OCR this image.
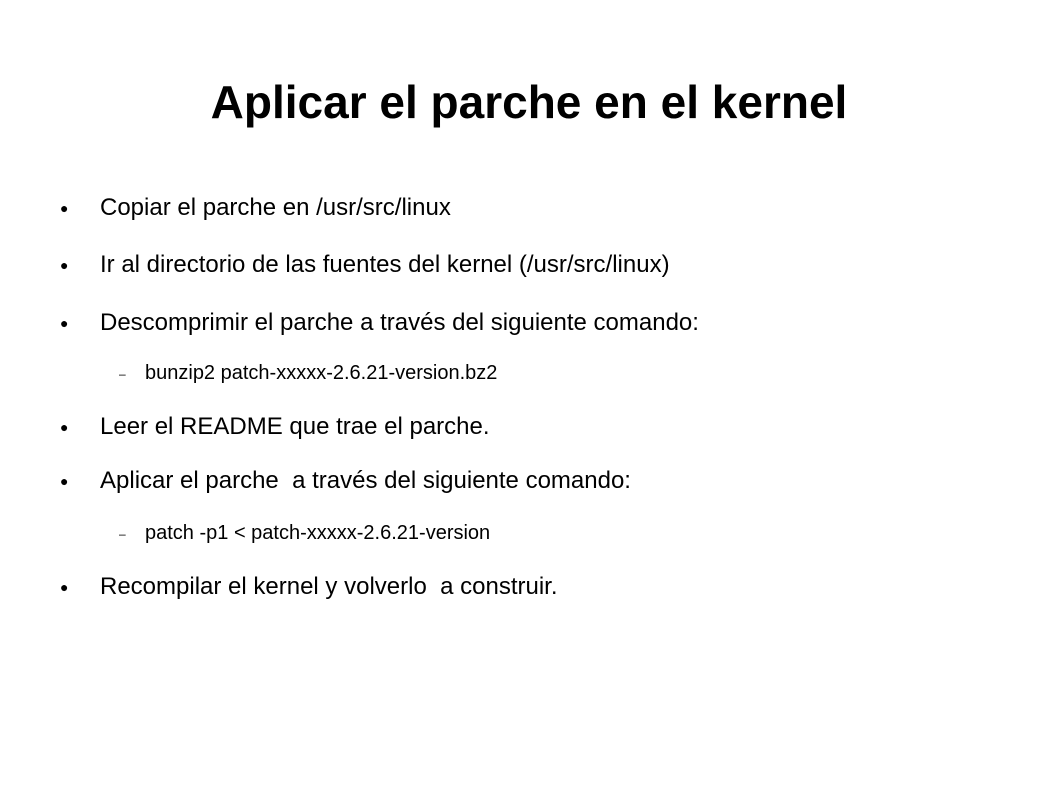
Aplicar el parche en el kernel

●

Copiar el parche en /usr/src/linux

●

Ir al directorio de las fuentes del kernel (/usr/src/linux)

●

Descomprimir el parche a través del siguiente comando:

–

bunzip2 patch-xxxxx-2.6.21-version.bz2

●

Leer el README que trae el parche.

●

Aplicar el parche  a través del siguiente comando:

–

patch -p1 < patch-xxxxx-2.6.21-version

●

Recompilar el kernel y volverlo  a construir.
